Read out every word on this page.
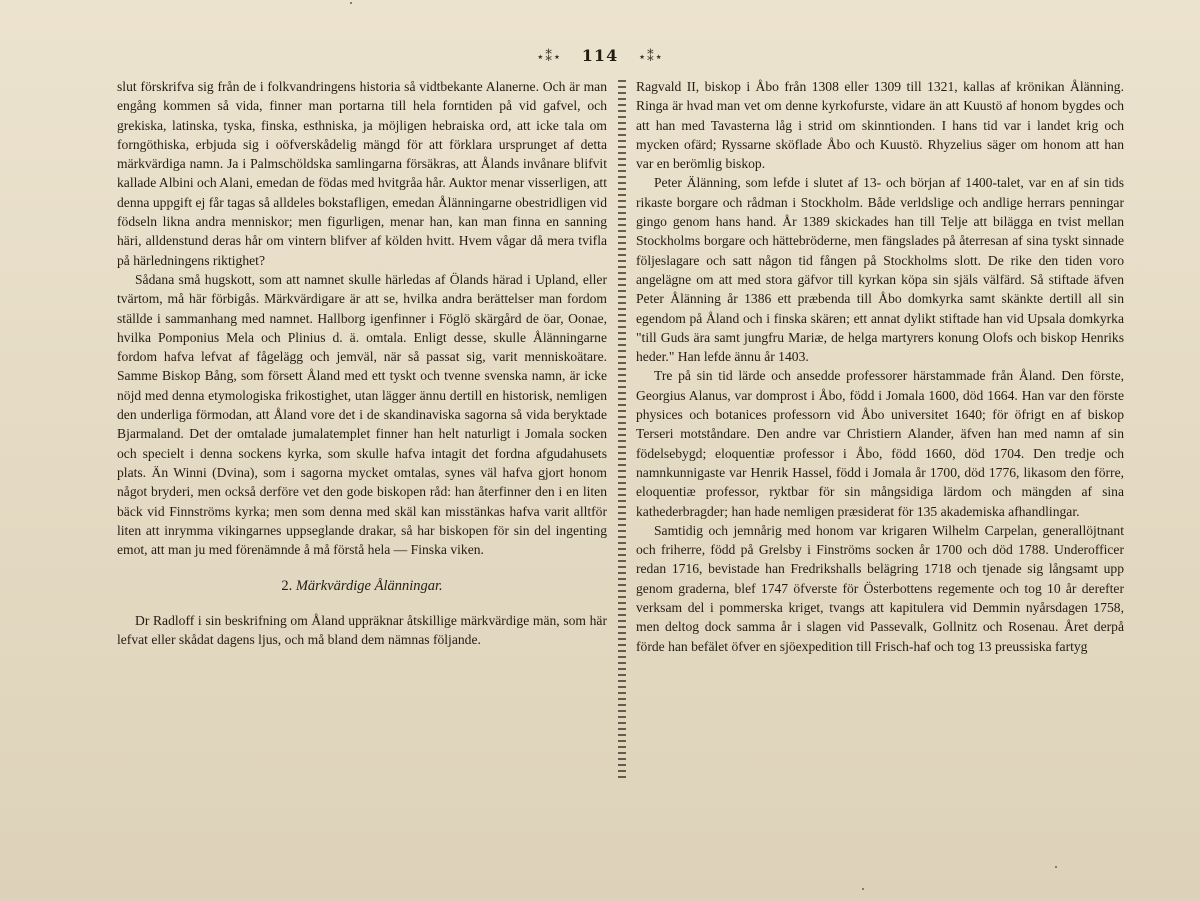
⋆⁑⋆ 114 ⋆⁑⋆

slut förskrifva sig från de i folkvandringens historia så vidtbekante Alanerne. Och är man engång kommen så vida, finner man portarna till hela forntiden på vid gafvel, och grekiska, latinska, tyska, finska, esthniska, ja möjligen hebraiska ord, att icke tala om forngöthiska, erbjuda sig i oöfverskådelig mängd för att förklara ursprunget af detta märkvärdiga namn. Ja i Palmschöldska samlingarna försäkras, att Ålands invånare blifvit kallade Albini och Alani, emedan de födas med hvitgråa hår. Auktor menar visserligen, att denna uppgift ej får tagas så alldeles bokstafligen, emedan Ålänningarne obestridligen vid födseln likna andra menniskor; men figurligen, menar han, kan man finna en sanning häri, alldenstund deras hår om vintern blifver af kölden hvitt. Hvem vågar då mera tvifla på härledningens riktighet?

Sådana små hugskott, som att namnet skulle härledas af Ölands härad i Upland, eller tvärtom, må här förbigås. Märkvärdigare är att se, hvilka andra berättelser man fordom ställde i sammanhang med namnet. Hallborg igenfinner i Föglö skärgård de öar, Oonae, hvilka Pomponius Mela och Plinius d. ä. omtala. Enligt desse, skulle Ålänningarne fordom hafva lefvat af fågelägg och jemväl, när så passat sig, varit menniskoätare. Samme Biskop Bång, som försett Åland med ett tyskt och tvenne svenska namn, är icke nöjd med denna etymologiska frikostighet, utan lägger ännu dertill en historisk, nemligen den underliga förmodan, att Åland vore det i de skandinaviska sagorna så vida beryktade Bjarmaland. Det der omtalade jumalatemplet finner han helt naturligt i Jomala socken och specielt i denna sockens kyrka, som skulle hafva intagit det fordna afgudahusets plats. Än Winni (Dvina), som i sagorna mycket omtalas, synes väl hafva gjort honom något bryderi, men också derföre vet den gode biskopen råd: han återfinner den i en liten bäck vid Finnströms kyrka; men som denna med skäl kan misstänkas hafva varit alltför liten att inrymma vikingarnes uppseglande drakar, så har biskopen för sin del ingenting emot, att man ju med förenämnde å må förstå hela — Finska viken.

2. Märkvärdige Ålänningar.

Dr Radloff i sin beskrifning om Åland uppräknar åtskillige märkvärdige män, som här lefvat eller skådat dagens ljus, och må bland dem nämnas följande.

Ragvald II, biskop i Åbo från 1308 eller 1309 till 1321, kallas af krönikan Ålänning. Ringa är hvad man vet om denne kyrkofurste, vidare än att Kuustö af honom bygdes och att han med Tavasterna låg i strid om skinntionden. I hans tid var i landet krig och mycken ofärd; Ryssarne sköflade Åbo och Kuustö. Rhyzelius säger om honom att han var en berömlig biskop.

Peter Älänning, som lefde i slutet af 13- och början af 1400-talet, var en af sin tids rikaste borgare och rådman i Stockholm. Både verldslige och andlige herrars penningar gingo genom hans hand. År 1389 skickades han till Telje att bilägga en tvist mellan Stockholms borgare och hättebröderne, men fängslades på återresan af sina tyskt sinnade följeslagare och satt någon tid fången på Stockholms slott. De rike den tiden voro angelägne om att med stora gäfvor till kyrkan köpa sin själs välfärd. Så stiftade äfven Peter Ålänning år 1386 ett præbenda till Åbo domkyrka samt skänkte dertill all sin egendom på Åland och i finska skären; ett annat dylikt stiftade han vid Upsala domkyrka "till Guds ära samt jungfru Mariæ, de helga martyrers konung Olofs och biskop Henriks heder." Han lefde ännu år 1403.

Tre på sin tid lärde och ansedde professorer härstammade från Åland. Den förste, Georgius Alanus, var domprost i Åbo, född i Jomala 1600, död 1664. Han var den förste physices och botanices professorn vid Åbo universitet 1640; för öfrigt en af biskop Terseri motståndare. Den andre var Christiern Alander, äfven han med namn af sin födelsebygd; eloquentiæ professor i Åbo, född 1660, död 1704. Den tredje och namnkunnigaste var Henrik Hassel, född i Jomala år 1700, död 1776, likasom den förre, eloquentiæ professor, ryktbar för sin mångsidiga lärdom och mängden af sina kathederbragder; han hade nemligen præsiderat för 135 akademiska afhandlingar.

Samtidig och jemnårig med honom var krigaren Wilhelm Carpelan, generallöjtnant och friherre, född på Grelsby i Finströms socken år 1700 och död 1788. Underofficer redan 1716, bevistade han Fredrikshalls belägring 1718 och tjenade sig långsamt upp genom graderna, blef 1747 öfverste för Österbottens regemente och tog 10 år derefter verksam del i pommerska kriget, tvangs att kapitulera vid Demmin nyårsdagen 1758, men deltog dock samma år i slagen vid Passevalk, Gollnitz och Rosenau. Året derpå förde han befälet öfver en sjöexpedition till Frisch-haf och tog 13 preussiska fartyg
